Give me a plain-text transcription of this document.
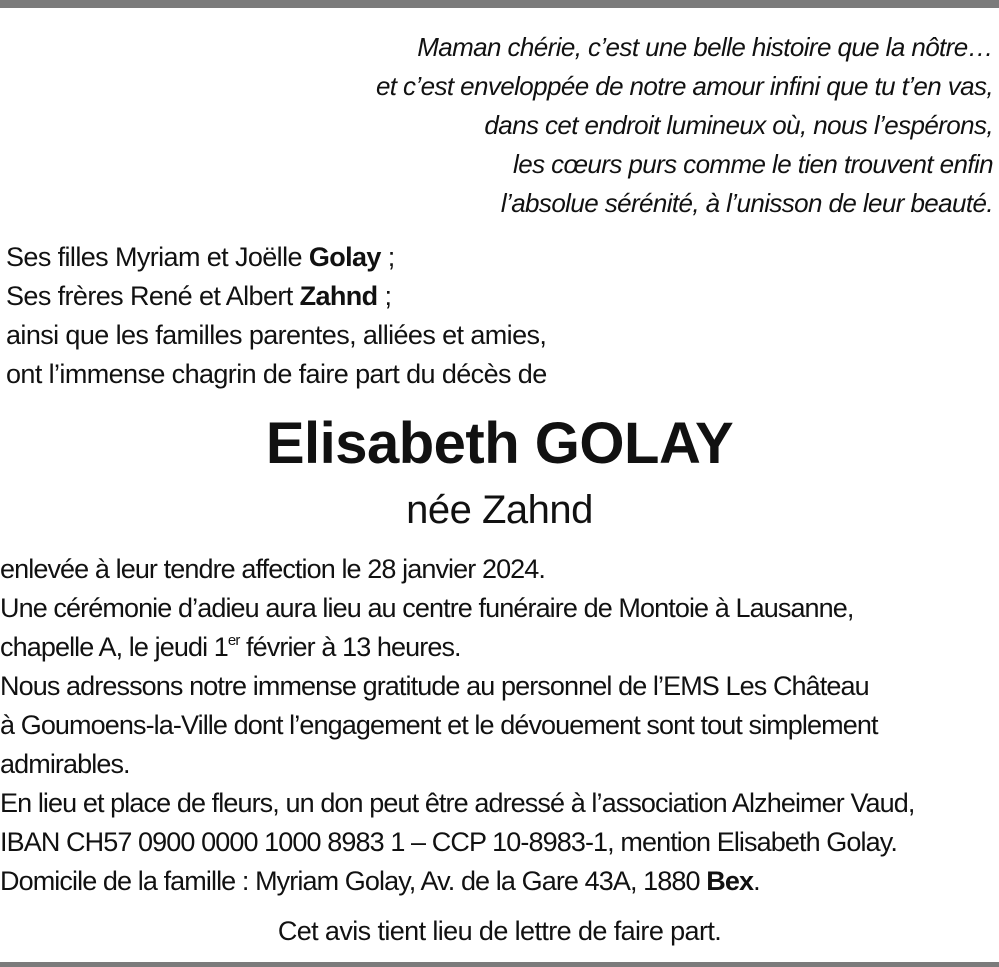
Maman chérie, c’est une belle histoire que la nôtre…
et c’est enveloppée de notre amour infini que tu t’en vas,
dans cet endroit lumineux où, nous l’espérons,
les cœurs purs comme le tien trouvent enfin
l’absolue sérénité, à l’unisson de leur beauté.
Ses filles Myriam et Joëlle Golay ;
Ses frères René et Albert Zahnd ;
ainsi que les familles parentes, alliées et amies,
ont l’immense chagrin de faire part du décès de
Elisabeth GOLAY
née Zahnd
enlevée à leur tendre affection le 28 janvier 2024.
Une cérémonie d’adieu aura lieu au centre funéraire de Montoie à Lausanne,
chapelle A, le jeudi 1er février à 13 heures.
Nous adressons notre immense gratitude au personnel de l’EMS Les Château
à Goumoens-la-Ville dont l’engagement et le dévouement sont tout simplement
admirables.
En lieu et place de fleurs, un don peut être adressé à l’association Alzheimer Vaud,
IBAN CH57 0900 0000 1000 8983 1 – CCP 10-8983-1, mention Elisabeth Golay.
Domicile de la famille : Myriam Golay, Av. de la Gare 43A, 1880 Bex.
Cet avis tient lieu de lettre de faire part.
